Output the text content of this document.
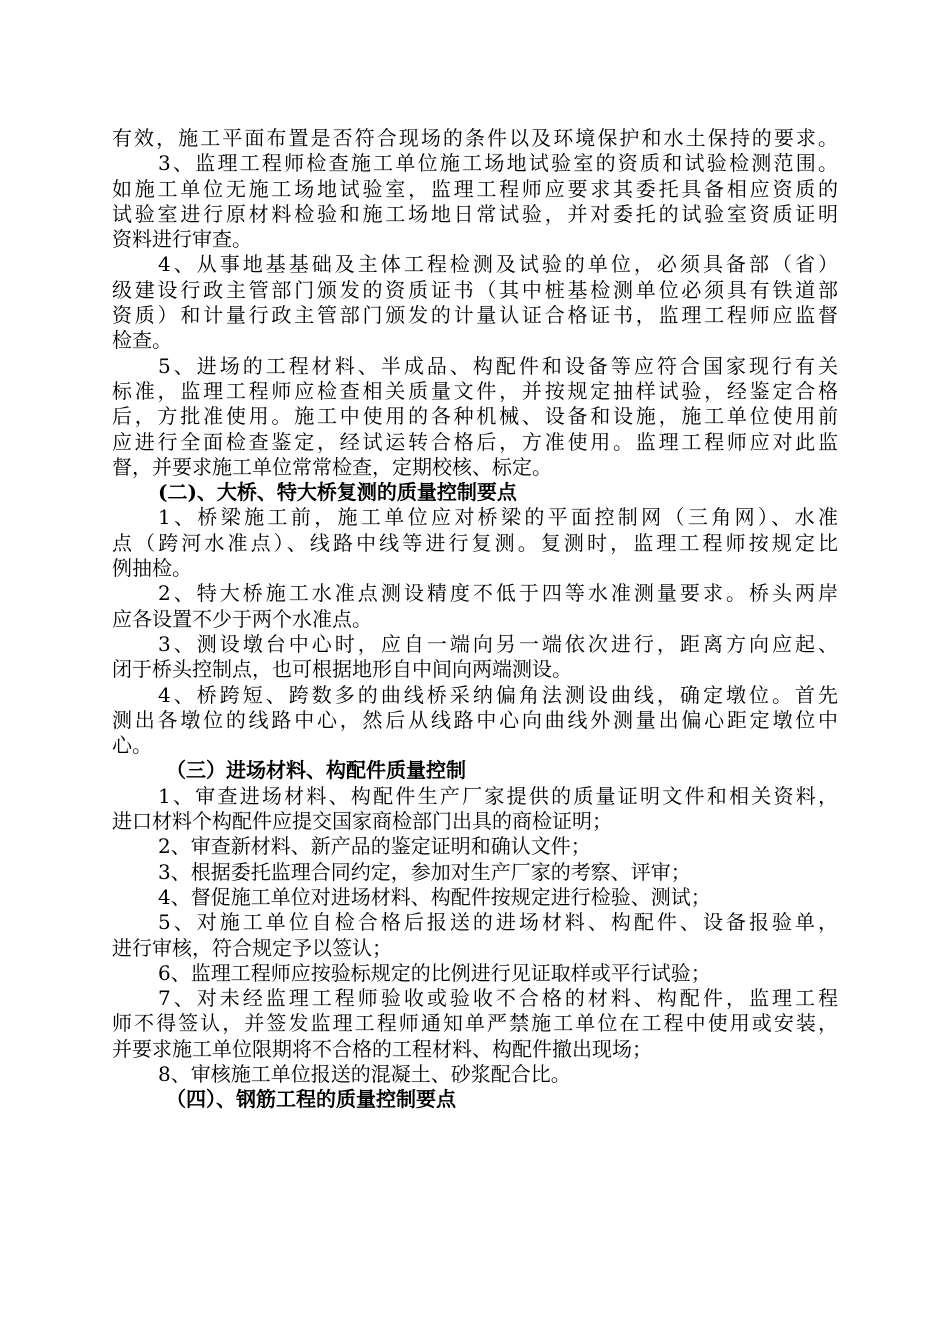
有效，施工平面布置是否符合现场的条件以及环境保护和水土保持的要求。
3、监理工程师检查施工单位施工场地试验室的资质和试验检测范围。
如施工单位无施工场地试验室，监理工程师应要求其委托具备相应资质的
试验室进行原材料检验和施工场地日常试验，并对委托的试验室资质证明
资料进行审查。
4、从事地基基础及主体工程检测及试验的单位，必须具备部（省）
级建设行政主管部门颁发的资质证书（其中桩基检测单位必须具有铁道部
资质）和计量行政主管部门颁发的计量认证合格证书，监理工程师应监督
检查。
5、进场的工程材料、半成品、构配件和设备等应符合国家现行有关
标准，监理工程师应检查相关质量文件，并按规定抽样试验，经鉴定合格
后，方批准使用。施工中使用的各种机械、设备和设施，施工单位使用前
应进行全面检查鉴定，经试运转合格后，方准使用。监理工程师应对此监
督，并要求施工单位常常检查，定期校核、标定。
(二)、大桥、特大桥复测的质量控制要点
1、桥梁施工前，施工单位应对桥梁的平面控制网（三角网）、水准
点（跨河水准点）、线路中线等进行复测。复测时，监理工程师按规定比
例抽检。
2、特大桥施工水准点测设精度不低于四等水准测量要求。桥头两岸
应各设置不少于两个水准点。
3、测设墩台中心时，应自一端向另一端依次进行，距离方向应起、
闭于桥头控制点，也可根据地形自中间向两端测设。
4、桥跨短、跨数多的曲线桥采纳偏角法测设曲线，确定墩位。首先
测出各墩位的线路中心，然后从线路中心向曲线外测量出偏心距定墩位中
心。
（三）进场材料、构配件质量控制
1、审查进场材料、构配件生产厂家提供的质量证明文件和相关资料，
进口材料个构配件应提交国家商检部门出具的商检证明；
2、审查新材料、新产品的鉴定证明和确认文件；
3、根据委托监理合同约定，参加对生产厂家的考察、评审；
4、督促施工单位对进场材料、构配件按规定进行检验、测试；
5、对施工单位自检合格后报送的进场材料、构配件、设备报验单，
进行审核，符合规定予以签认；
6、监理工程师应按验标规定的比例进行见证取样或平行试验；
7、对未经监理工程师验收或验收不合格的材料、构配件，监理工程
师不得签认，并签发监理工程师通知单严禁施工单位在工程中使用或安装，
并要求施工单位限期将不合格的工程材料、构配件撤出现场；
8、审核施工单位报送的混凝土、砂浆配合比。
（四）、钢筋工程的质量控制要点
